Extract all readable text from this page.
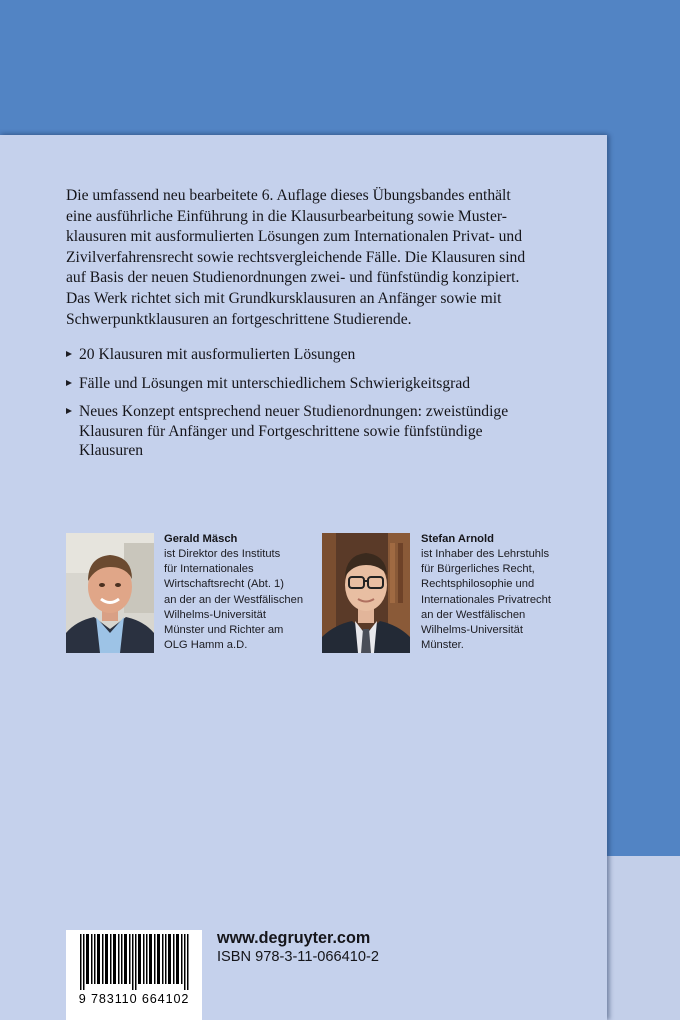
Die umfassend neu bearbeitete 6. Auflage dieses Übungsbandes enthält
eine ausführliche Einführung in die Klausurbearbeitung sowie Muster-
klausuren mit ausformulierten Lösungen zum Internationalen Privat- und
Zivilverfahrensrecht sowie rechtsvergleichende Fälle. Die Klausuren sind
auf Basis der neuen Studienordnungen zwei- und fünfstündig konzipiert.
Das Werk richtet sich mit Grundkursklausuren an Anfänger sowie mit
Schwerpunktklausuren an fortgeschrittene Studierende.

20 Klausuren mit ausformulierten Lösungen
Fälle und Lösungen mit unterschiedlichem Schwierigkeitsgrad
Neues Konzept entsprechend neuer Studienordnungen: zweistündige
Klausuren für Anfänger und Fortgeschrittene sowie fünfstündige
Klausuren

Gerald Mäsch

ist Direktor des Instituts
für Internationales
Wirtschaftsrecht (Abt. 1)
an der an der Westfälischen
Wilhelms-Universität
Münster und Richter am
OLG Hamm a.D.

Stefan Arnold

ist Inhaber des Lehrstuhls
für Bürgerliches Recht,
Rechtsphilosophie und
Internationales Privatrecht
an der Westfälischen
Wilhelms-Universität
Münster.

9 783110 664102

www.degruyter.com

ISBN 978-3-11-066410-2
